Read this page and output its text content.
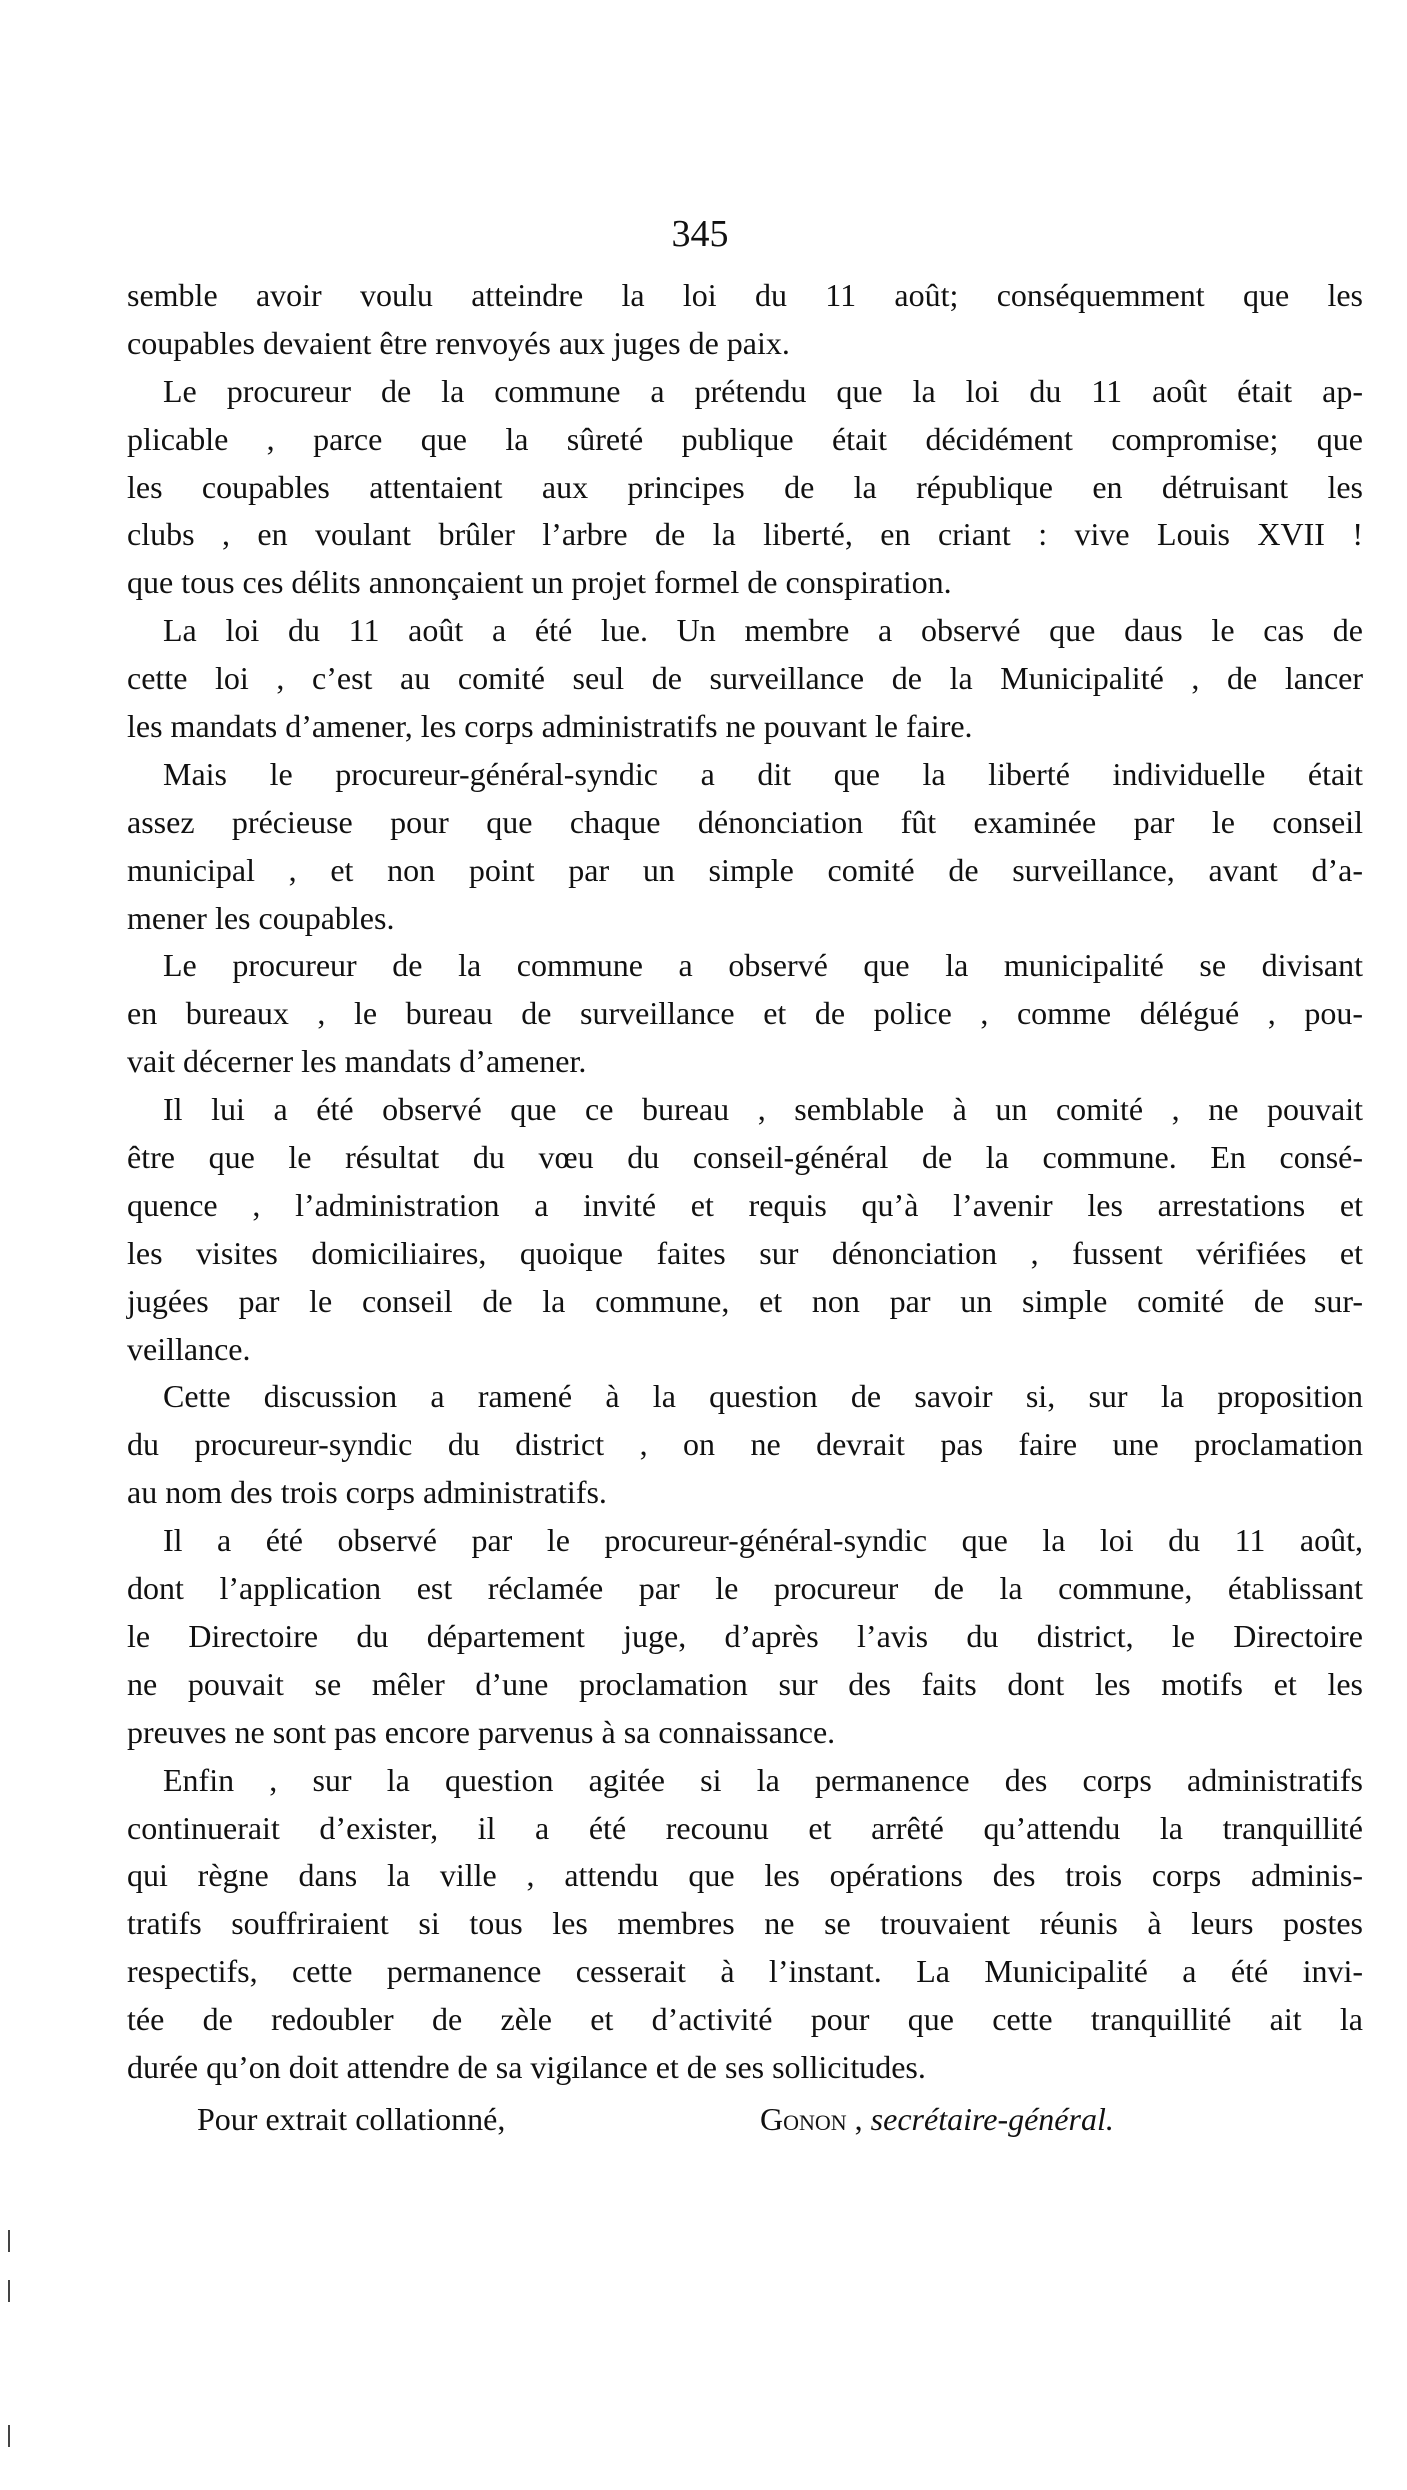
345
semble avoir voulu atteindre la loi du 11 août; conséquemment que les
coupables devaient être renvoyés aux juges de paix.
Le procureur de la commune a prétendu que la loi du 11 août était ap-
plicable , parce que la sûreté publique était décidément compromise; que
les coupables attentaient aux principes de la république en détruisant les
clubs , en voulant brûler l’arbre de la liberté, en criant : vive Louis XVII !
que tous ces délits annonçaient un projet formel de conspiration.
La loi du 11 août a été lue. Un membre a observé que daus le cas de
cette loi , c’est au comité seul de surveillance de la Municipalité , de lancer
les mandats d’amener, les corps administratifs ne pouvant le faire.
Mais le procureur-général-syndic a dit que la liberté individuelle était
assez précieuse pour que chaque dénonciation fût examinée par le conseil
municipal , et non point par un simple comité de surveillance, avant d’a-
mener les coupables.
Le procureur de la commune a observé que la municipalité se divisant
en bureaux , le bureau de surveillance et de police , comme délégué , pou-
vait décerner les mandats d’amener.
Il lui a été observé que ce bureau , semblable à un comité , ne pouvait
être que le résultat du vœu du conseil-général de la commune. En consé-
quence , l’administration a invité et requis qu’à l’avenir les arrestations et
les visites domiciliaires, quoique faites sur dénonciation , fussent vérifiées et
jugées par le conseil de la commune, et non par un simple comité de sur-
veillance.
Cette discussion a ramené à la question de savoir si, sur la proposition
du procureur-syndic du district , on ne devrait pas faire une proclamation
au nom des trois corps administratifs.
Il a été observé par le procureur-général-syndic que la loi du 11 août,
dont l’application est réclamée par le procureur de la commune, établissant
le Directoire du département juge, d’après l’avis du district, le Directoire
ne pouvait se mêler d’une proclamation sur des faits dont les motifs et les
preuves ne sont pas encore parvenus à sa connaissance.
Enfin , sur la question agitée si la permanence des corps administratifs
continuerait d’exister, il a été recounu et arrêté qu’attendu la tranquillité
qui règne dans la ville , attendu que les opérations des trois corps adminis-
tratifs souffriraient si tous les membres ne se trouvaient réunis à leurs postes
respectifs, cette permanence cesserait à l’instant. La Municipalité a été invi-
tée de redoubler de zèle et d’activité pour que cette tranquillité ait la
durée qu’on doit attendre de sa vigilance et de ses sollicitudes.
Pour extrait collationné,	Gonon , secrétaire-général.
